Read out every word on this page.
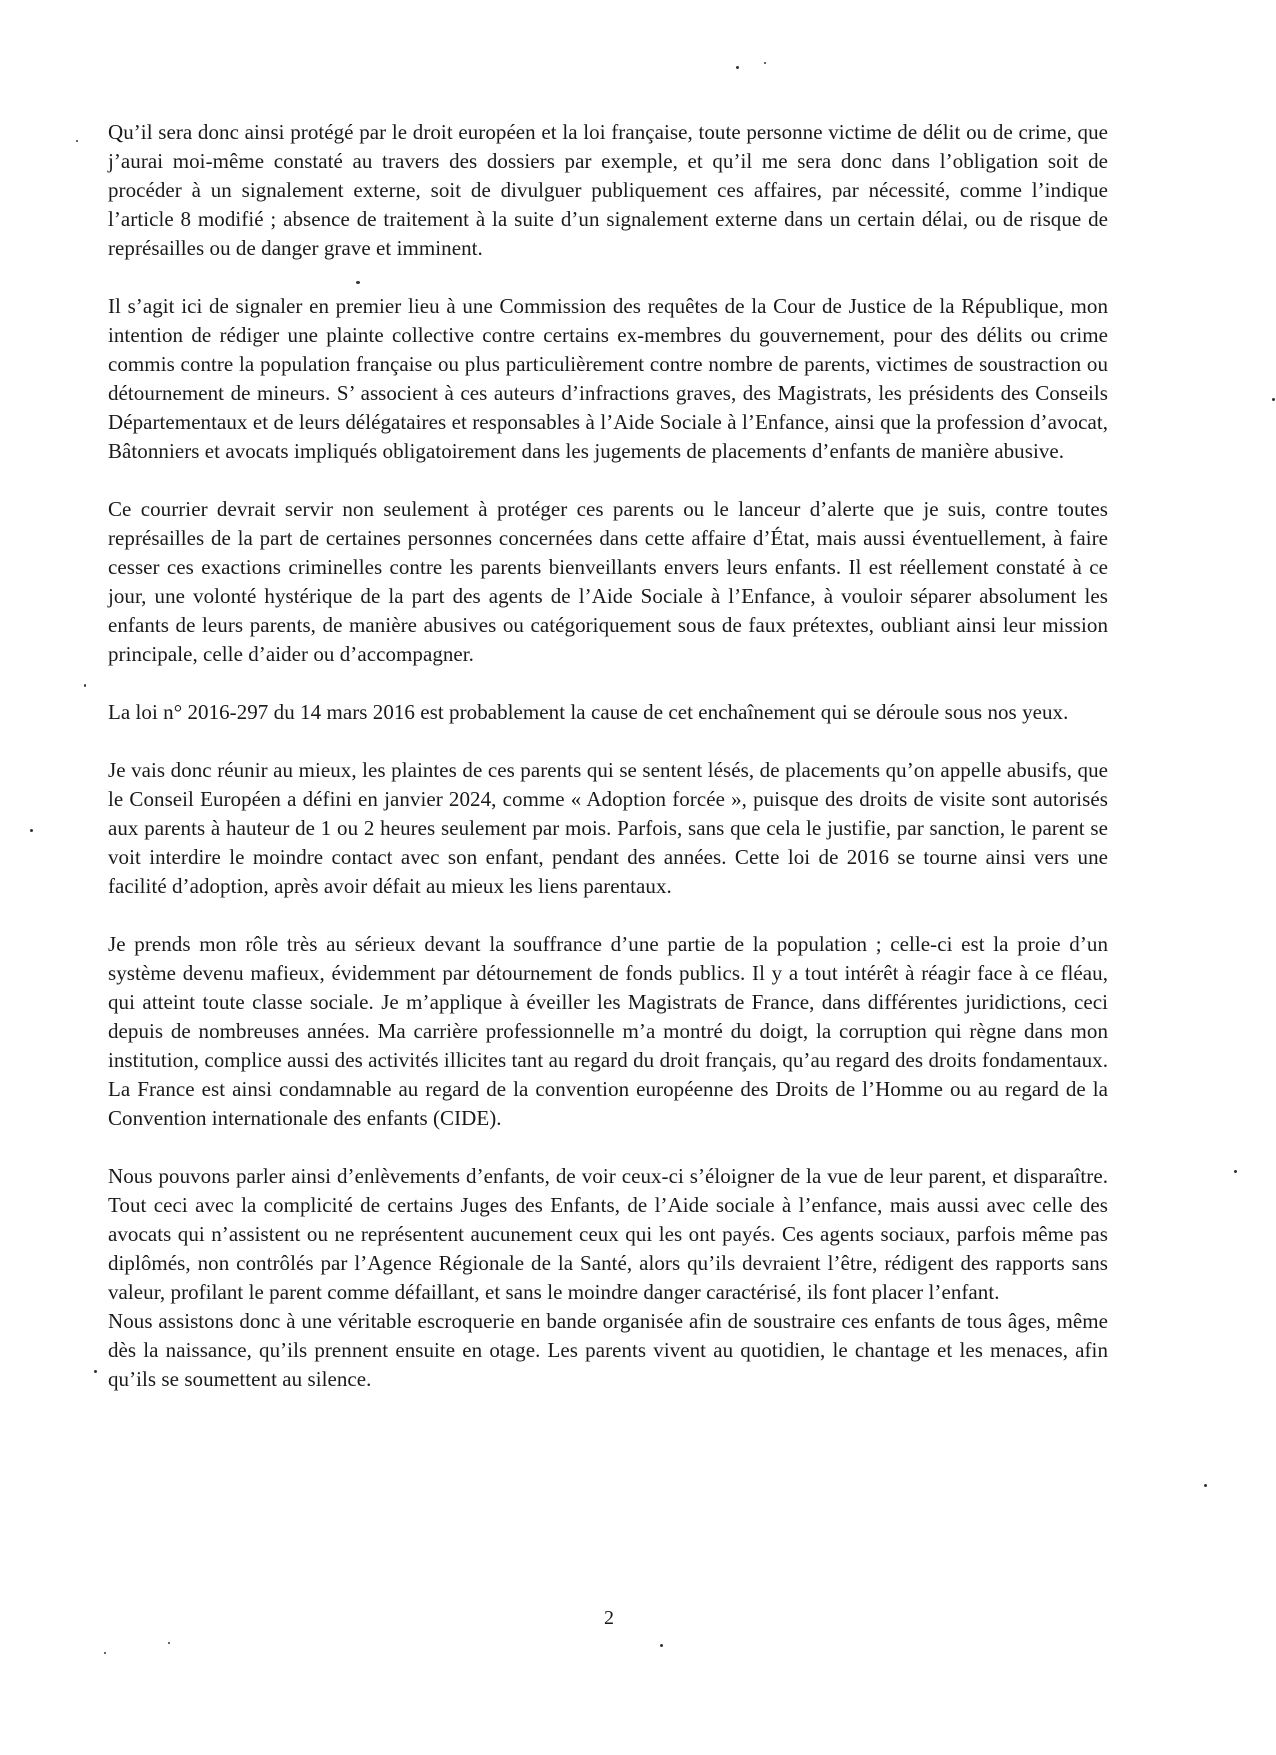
Qu’il sera donc ainsi protégé par le droit européen et la loi française, toute personne victime de délit ou de crime, que j’aurai moi-même constaté au travers des dossiers par exemple, et qu’il me sera donc dans l’obligation soit de procéder à un signalement externe, soit de divulguer publiquement ces affaires, par nécessité, comme l’indique l’article 8 modifié ; absence de traitement à la suite d’un signalement externe dans un certain délai, ou de risque de représailles ou de danger grave et imminent.

Il s’agit ici de signaler en premier lieu à une Commission des requêtes de la Cour de Justice de la République, mon intention de rédiger une plainte collective contre certains ex-membres du gouvernement, pour des délits ou crime commis contre la population française ou plus particulièrement contre nombre de parents, victimes de soustraction ou détournement de mineurs. S’ associent à ces auteurs d’infractions graves, des Magistrats, les présidents des Conseils Départementaux et de leurs délégataires et responsables à l’Aide Sociale à l’Enfance, ainsi que la profession d’avocat, Bâtonniers et avocats impliqués obligatoirement dans les jugements de placements d’enfants de manière abusive.

Ce courrier devrait servir non seulement à protéger ces parents ou le lanceur d’alerte que je suis, contre toutes représailles de la part de certaines personnes concernées dans cette affaire d’État, mais aussi éventuellement, à faire cesser ces exactions criminelles contre les parents bienveillants envers leurs enfants. Il est réellement constaté à ce jour, une volonté hystérique de la part des agents de l’Aide Sociale à l’Enfance, à vouloir séparer absolument les enfants de leurs parents, de manière abusives ou catégoriquement sous de faux prétextes, oubliant ainsi leur mission principale, celle d’aider ou d’accompagner.

La loi n° 2016-297 du 14 mars 2016 est probablement la cause de cet enchaînement qui se déroule sous nos yeux.

Je vais donc réunir au mieux, les plaintes de ces parents qui se sentent lésés, de placements qu’on appelle abusifs, que le Conseil Européen a défini en janvier 2024, comme « Adoption forcée », puisque des droits de visite sont autorisés aux parents à hauteur de 1 ou 2 heures seulement par mois. Parfois, sans que cela le justifie, par sanction, le parent se voit interdire le moindre contact avec son enfant, pendant des années. Cette loi de 2016 se tourne ainsi vers une facilité d’adoption, après avoir défait au mieux les liens parentaux.

Je prends mon rôle très au sérieux devant la souffrance d’une partie de la population ; celle-ci est la proie d’un système devenu mafieux, évidemment par détournement de fonds publics. Il y a tout intérêt à réagir face à ce fléau, qui atteint toute classe sociale. Je m’applique à éveiller les Magistrats de France, dans différentes juridictions, ceci depuis de nombreuses années. Ma carrière professionnelle m’a montré du doigt, la corruption qui règne dans mon institution, complice aussi des activités illicites tant au regard du droit français, qu’au regard des droits fondamentaux. La France est ainsi condamnable au regard de la convention européenne des Droits de l’Homme ou au regard de la Convention internationale des enfants (CIDE).

Nous pouvons parler ainsi d’enlèvements d’enfants, de voir ceux-ci s’éloigner de la vue de leur parent, et disparaître. Tout ceci avec la complicité de certains Juges des Enfants, de l’Aide sociale à l’enfance, mais aussi avec celle des avocats qui n’assistent ou ne représentent aucunement ceux qui les ont payés. Ces agents sociaux, parfois même pas diplômés, non contrôlés par l’Agence Régionale de la Santé, alors qu’ils devraient l’être, rédigent des rapports sans valeur, profilant le parent comme défaillant, et sans le moindre danger caractérisé, ils font placer l’enfant.

Nous assistons donc à une véritable escroquerie en bande organisée afin de soustraire ces enfants de tous âges, même dès la naissance, qu’ils prennent ensuite en otage. Les parents vivent au quotidien, le chantage et les menaces, afin qu’ils se soumettent au silence.

2
